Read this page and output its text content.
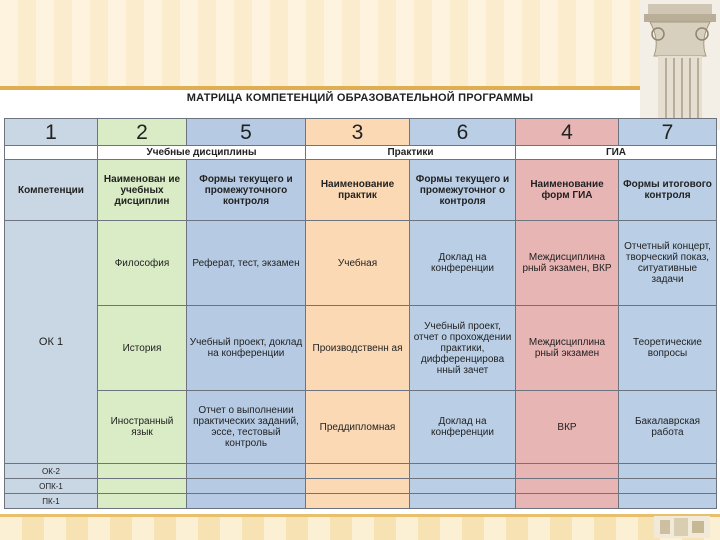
МАТРИЦА КОМПЕТЕНЦИЙ ОБРАЗОВАТЕЛЬНОЙ ПРОГРАММЫ
1	2	5	3	6	4	7
	Учебные дисциплины		Практики		ГИА	
Компетенции	Наименован ие учебных дисциплин	Формы текущего и промежуточного контроля	Наименование практик	Формы текущего и промежуточног о контроля	Наименование форм ГИА	Формы итогового контроля
ОК 1	Философия	Реферат, тест, экзамен	Учебная	Доклад на конференции	Междисциплина рный экзамен, ВКР	Отчетный концерт, творческий показ, ситуативные задачи
	История	Учебный проект, доклад на конференции	Производственн ая	Учебный проект, отчет о прохождении практики, дифференцирова нный зачет	Междисциплина рный экзамен	Теоретические вопросы
	Иностранный язык	Отчет о выполнении практических заданий, эссе, тестовый контроль	Преддипломная	Доклад на конференции	ВКР	Бакалаврская работа
ОК-2						
ОПК-1						
ПК-1						
